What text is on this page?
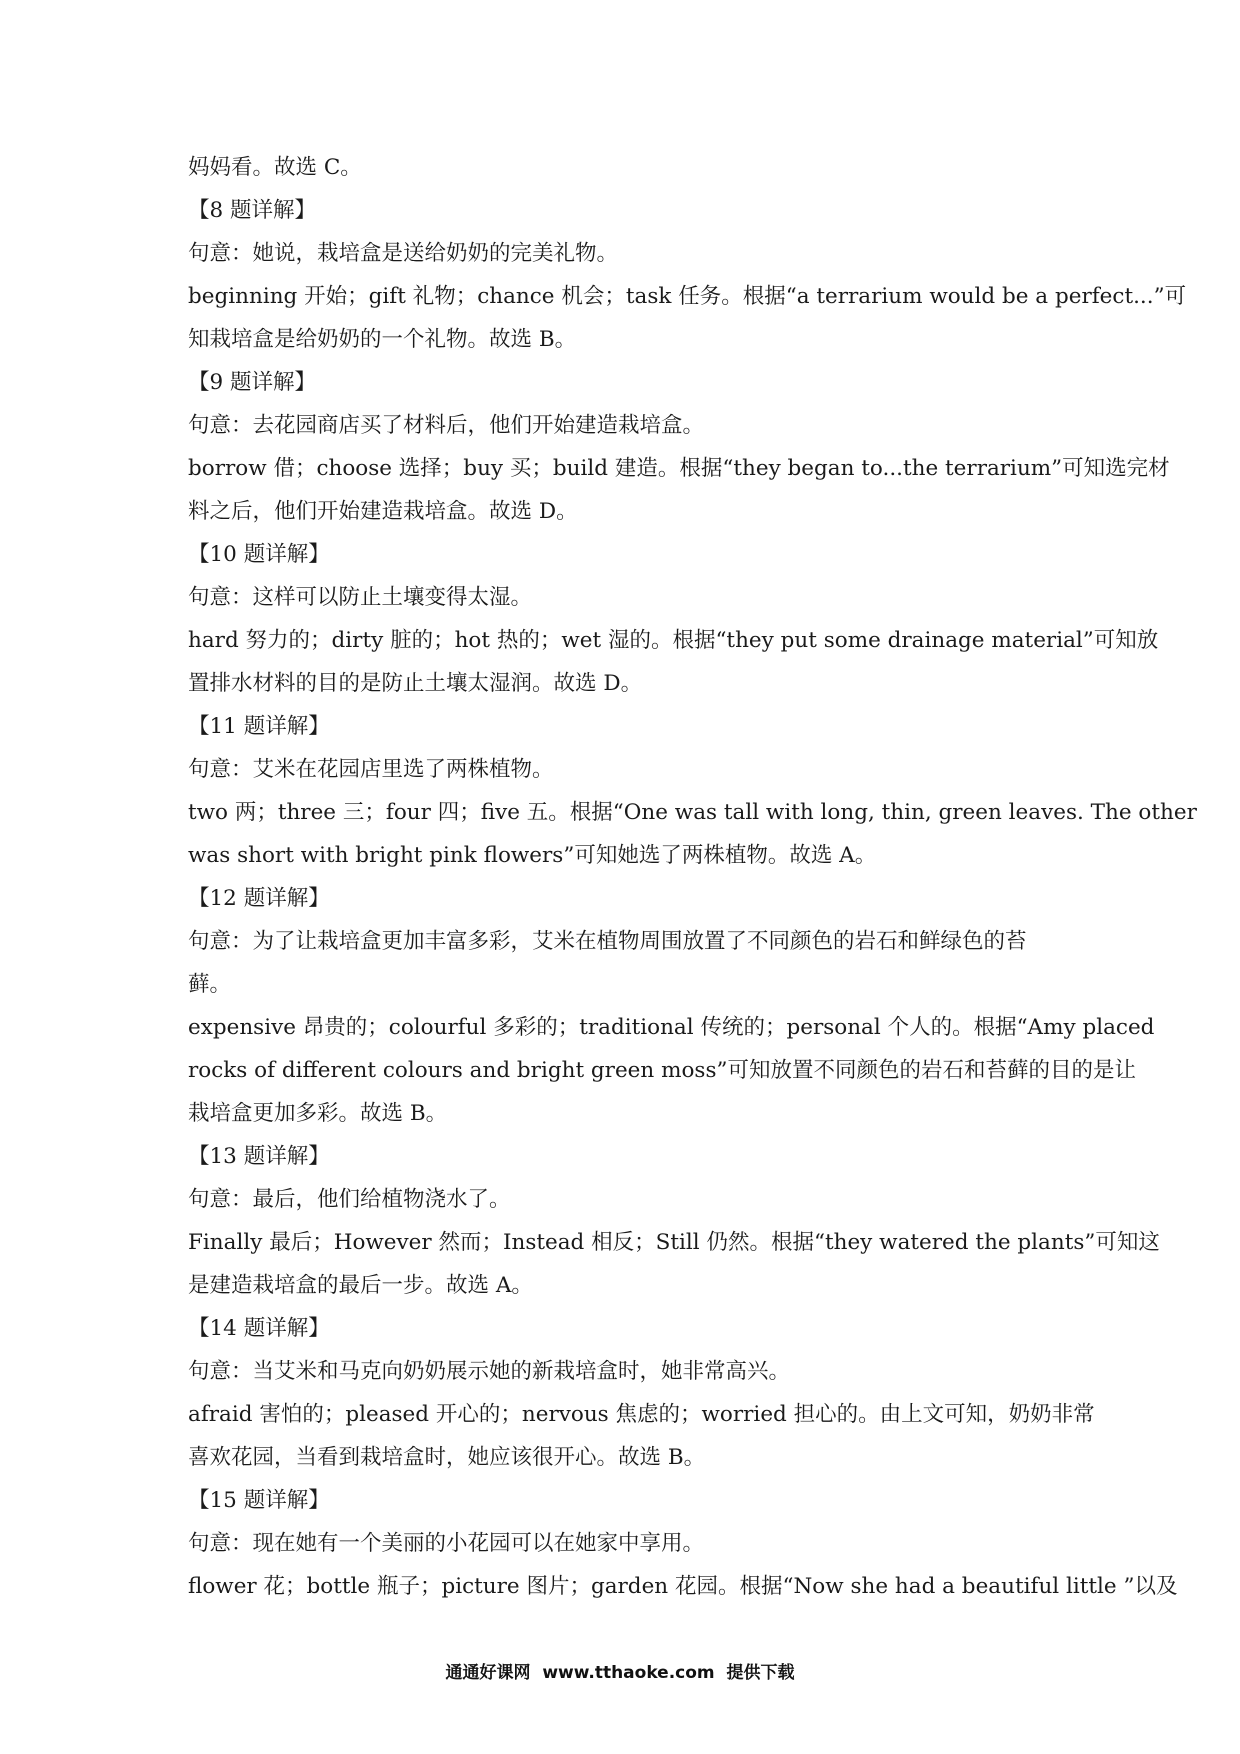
妈妈看。故选 C。

【8 题详解】

句意：她说，栽培盒是送给奶奶的完美礼物。

beginning 开始；gift 礼物；chance 机会；task 任务。根据“a terrarium would be a perfect...”可

知栽培盒是给奶奶的一个礼物。故选 B。

【9 题详解】

句意：去花园商店买了材料后，他们开始建造栽培盒。

borrow 借；choose 选择；buy 买；build 建造。根据“they began to...the terrarium”可知选完材

料之后，他们开始建造栽培盒。故选 D。

【10 题详解】

句意：这样可以防止土壤变得太湿。

hard 努力的；dirty 脏的；hot 热的；wet 湿的。根据“they put some drainage material”可知放

置排水材料的目的是防止土壤太湿润。故选 D。

【11 题详解】

句意：艾米在花园店里选了两株植物。

two 两；three 三；four 四；five 五。根据“One was tall with long, thin, green leaves. The other

was short with bright pink flowers”可知她选了两株植物。故选 A。

【12 题详解】

句意：为了让栽培盒更加丰富多彩，艾米在植物周围放置了不同颜色的岩石和鲜绿色的苔

藓。

expensive 昂贵的；colourful 多彩的；traditional 传统的；personal 个人的。根据“Amy placed

rocks of different colours and bright green moss”可知放置不同颜色的岩石和苔藓的目的是让

栽培盒更加多彩。故选 B。

【13 题详解】

句意：最后，他们给植物浇水了。

Finally 最后；However 然而；Instead 相反；Still 仍然。根据“they watered the plants”可知这

是建造栽培盒的最后一步。故选 A。

【14 题详解】

句意：当艾米和马克向奶奶展示她的新栽培盒时，她非常高兴。

afraid 害怕的；pleased 开心的；nervous 焦虑的；worried 担心的。由上文可知，奶奶非常

喜欢花园，当看到栽培盒时，她应该很开心。故选 B。

【15 题详解】

句意：现在她有一个美丽的小花园可以在她家中享用。

flower 花；bottle 瓶子；picture 图片；garden 花园。根据“Now she had a beautiful little ”以及

通通好课网  www.tthaoke.com  提供下载
